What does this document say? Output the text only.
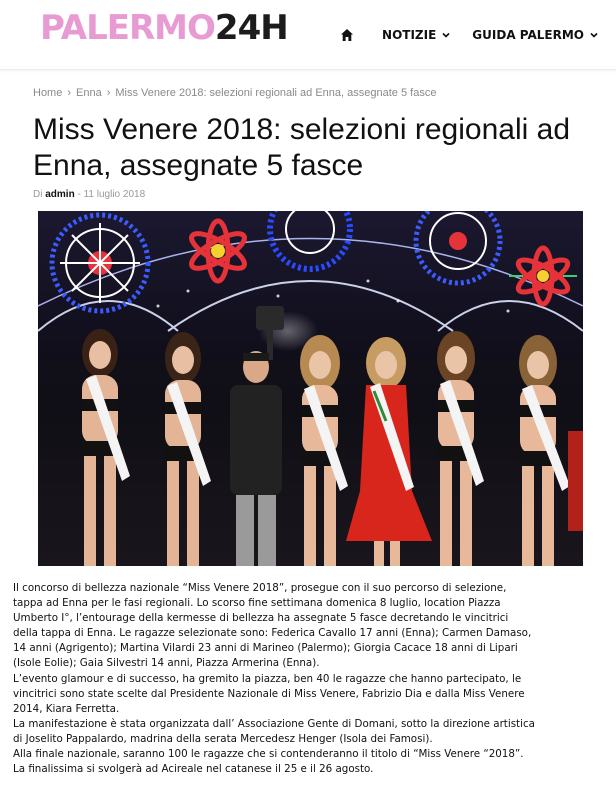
PALERMO24H	NOTIZIE	GUIDA PALERMO
Home › Enna › Miss Venere 2018: selezioni regionali ad Enna, assegnate 5 fasce
Miss Venere 2018: selezioni regionali ad Enna, assegnate 5 fasce
Di admin - 11 luglio 2018
Il concorso di bellezza nazionale “Miss Venere 2018”, prosegue con il suo percorso di selezione,
tappa ad Enna per le fasi regionali. Lo scorso fine settimana domenica 8 luglio, location Piazza
Umberto I°, l’entourage della kermesse di bellezza ha assegnate 5 fasce decretando le vincitrici
della tappa di Enna. Le ragazze selezionate sono: Federica Cavallo 17 anni (Enna); Carmen Damaso,
14 anni (Agrigento); Martina Vilardi 23 anni di Marineo (Palermo); Giorgia Cacace 18 anni di Lipari
(Isole Eolie); Gaia Silvestri 14 anni, Piazza Armerina (Enna).
L’evento glamour e di successo, ha gremito la piazza, ben 40 le ragazze che hanno partecipato, le
vincitrici sono state scelte dal Presidente Nazionale di Miss Venere, Fabrizio Dia e dalla Miss Venere
2014, Kiara Ferretta.
La manifestazione è stata organizzata dall’ Associazione Gente di Domani, sotto la direzione artistica
di Joselito Pappalardo, madrina della serata Mercedesz Henger (Isola dei Famosi).
Alla finale nazionale, saranno 100 le ragazze che si contenderanno il titolo di “Miss Venere “2018”.
La finalissima si svolgerà ad Acireale nel catanese il 25 e il 26 agosto.
